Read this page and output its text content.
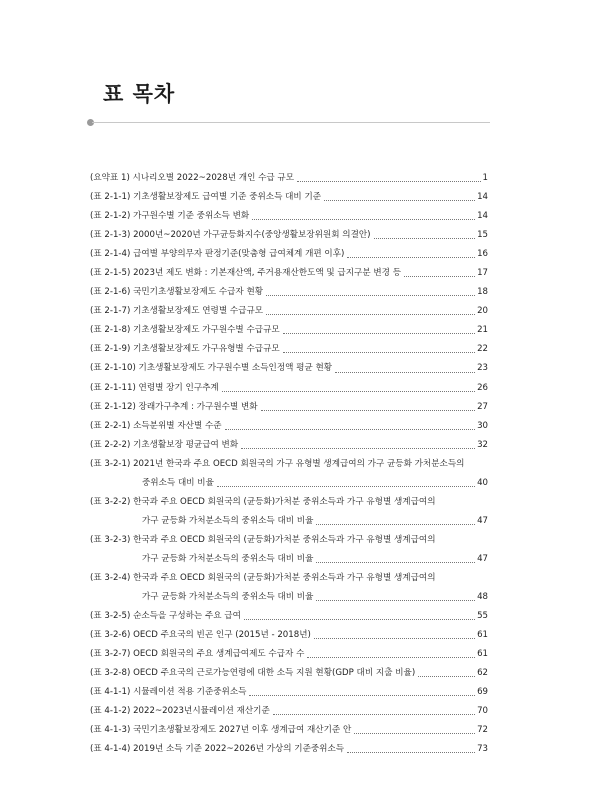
표 목차
(요약표 1) 시나리오별 2022~2028년 개인 수급 규모	1
(표 2-1-1) 기초생활보장제도 급여별 기준 중위소득 대비 기준	14
(표 2-1-2) 가구원수별 기준 중위소득 변화	14
(표 2-1-3) 2000년~2020년 가구균등화지수(중앙생활보장위원회 의결안)	15
(표 2-1-4) 급여별 부양의무자 판정기준(맞춤형 급여체계 개편 이후)	16
(표 2-1-5) 2023년 제도 변화 : 기본재산액, 주거용재산한도액 및 급지구분 변경 등	17
(표 2-1-6) 국민기초생활보장제도 수급자 현황	18
(표 2-1-7) 기초생활보장제도 연령별 수급규모	20
(표 2-1-8) 기초생활보장제도 가구원수별 수급규모	21
(표 2-1-9) 기초생활보장제도 가구유형별 수급규모	22
(표 2-1-10) 기초생활보장제도 가구원수별 소득인정액 평균 현황	23
(표 2-1-11) 연령별 장기 인구추계	26
(표 2-1-12) 장래가구추계 : 가구원수별 변화	27
(표 2-2-1) 소득분위별 자산별 수준	30
(표 2-2-2) 기초생활보장 평균급여 변화	32
(표 3-2-1) 2021년 한국과 주요 OECD 회원국의 가구 유형별 생계급여의 가구 균등화 가처분소득의
중위소득 대비 비율	40
(표 3-2-2) 한국과 주요 OECD 회원국의 (균등화)가처분 중위소득과 가구 유형별 생계급여의
가구 균등화 가처분소득의 중위소득 대비 비율	47
(표 3-2-3) 한국과 주요 OECD 회원국의 (균등화)가처분 중위소득과 가구 유형별 생계급여의
가구 균등화 가처분소득의 중위소득 대비 비율	47
(표 3-2-4) 한국과 주요 OECD 회원국의 (균등화)가처분 중위소득과 가구 유형별 생계급여의
가구 균등화 가처분소득의 중위소득 대비 비율	48
(표 3-2-5) 순소득을 구성하는 주요 급여	55
(표 3-2-6) OECD 주요국의 빈곤 인구 (2015년 - 2018년)	61
(표 3-2-7) OECD 회원국의 주요 생계급여제도 수급자 수	61
(표 3-2-8) OECD 주요국의 근로가능연령에 대한 소득 지원 현황(GDP 대비 지출 비율)	62
(표 4-1-1) 시뮬레이션 적용 기준중위소득	69
(표 4-1-2) 2022~2023년시뮬레이션 재산기준	70
(표 4-1-3) 국민기초생활보장제도 2027년 이후 생계급여 재산기준 안	72
(표 4-1-4) 2019년 소득 기준 2022~2026년 가상의 기준중위소득	73
